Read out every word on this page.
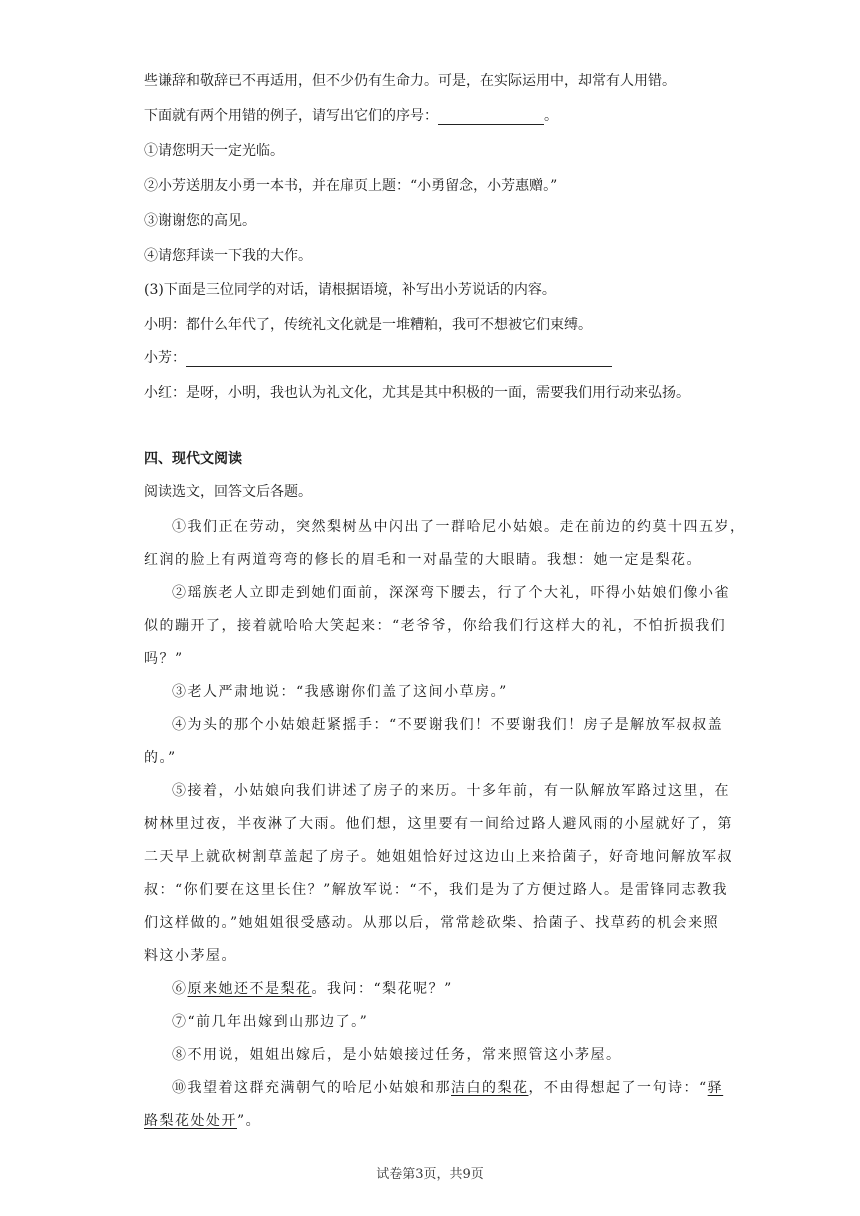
些谦辞和敬辞已不再适用，但不少仍有生命力。可是，在实际运用中，却常有人用错。
下面就有两个用错的例子，请写出它们的序号：	。
①请您明天一定光临。
②小芳送朋友小勇一本书，并在扉页上题：“小勇留念，小芳惠赠。”
③谢谢您的高见。
④请您拜读一下我的大作。
(3)下面是三位同学的对话，请根据语境，补写出小芳说话的内容。
小明：都什么年代了，传统礼文化就是一堆糟粕，我可不想被它们束缚。
小芳：
小红：是呀，小明，我也认为礼文化，尤其是其中积极的一面，需要我们用行动来弘扬。
四、现代文阅读
阅读选文，回答文后各题。
①我们正在劳动，突然梨树丛中闪出了一群哈尼小姑娘。走在前边的约莫十四五岁，
红润的脸上有两道弯弯的修长的眉毛和一对晶莹的大眼睛。我想：她一定是梨花。
②瑶族老人立即走到她们面前，深深弯下腰去，行了个大礼，吓得小姑娘们像小雀
似的蹦开了，接着就哈哈大笑起来：“老爷爷，你给我们行这样大的礼，不怕折损我们
吗？”
③老人严肃地说：“我感谢你们盖了这间小草房。”
④为头的那个小姑娘赶紧摇手：“不要谢我们！不要谢我们！房子是解放军叔叔盖
的。”
⑤接着，小姑娘向我们讲述了房子的来历。十多年前，有一队解放军路过这里，在
树林里过夜，半夜淋了大雨。他们想，这里要有一间给过路人避风雨的小屋就好了，第
二天早上就砍树割草盖起了房子。她姐姐恰好过这边山上来拾菌子，好奇地问解放军叔
叔：“你们要在这里长住？”解放军说：“不，我们是为了方便过路人。是雷锋同志教我
们这样做的。”她姐姐很受感动。从那以后，常常趁砍柴、拾菌子、找草药的机会来照
料这小茅屋。
⑥原来她还不是梨花。我问：“梨花呢？”
⑦“前几年出嫁到山那边了。”
⑧不用说，姐姐出嫁后，是小姑娘接过任务，常来照管这小茅屋。
⑩我望着这群充满朝气的哈尼小姑娘和那洁白的梨花，不由得想起了一句诗：“驿
路梨花处处开”。
试卷第3页，共9页
